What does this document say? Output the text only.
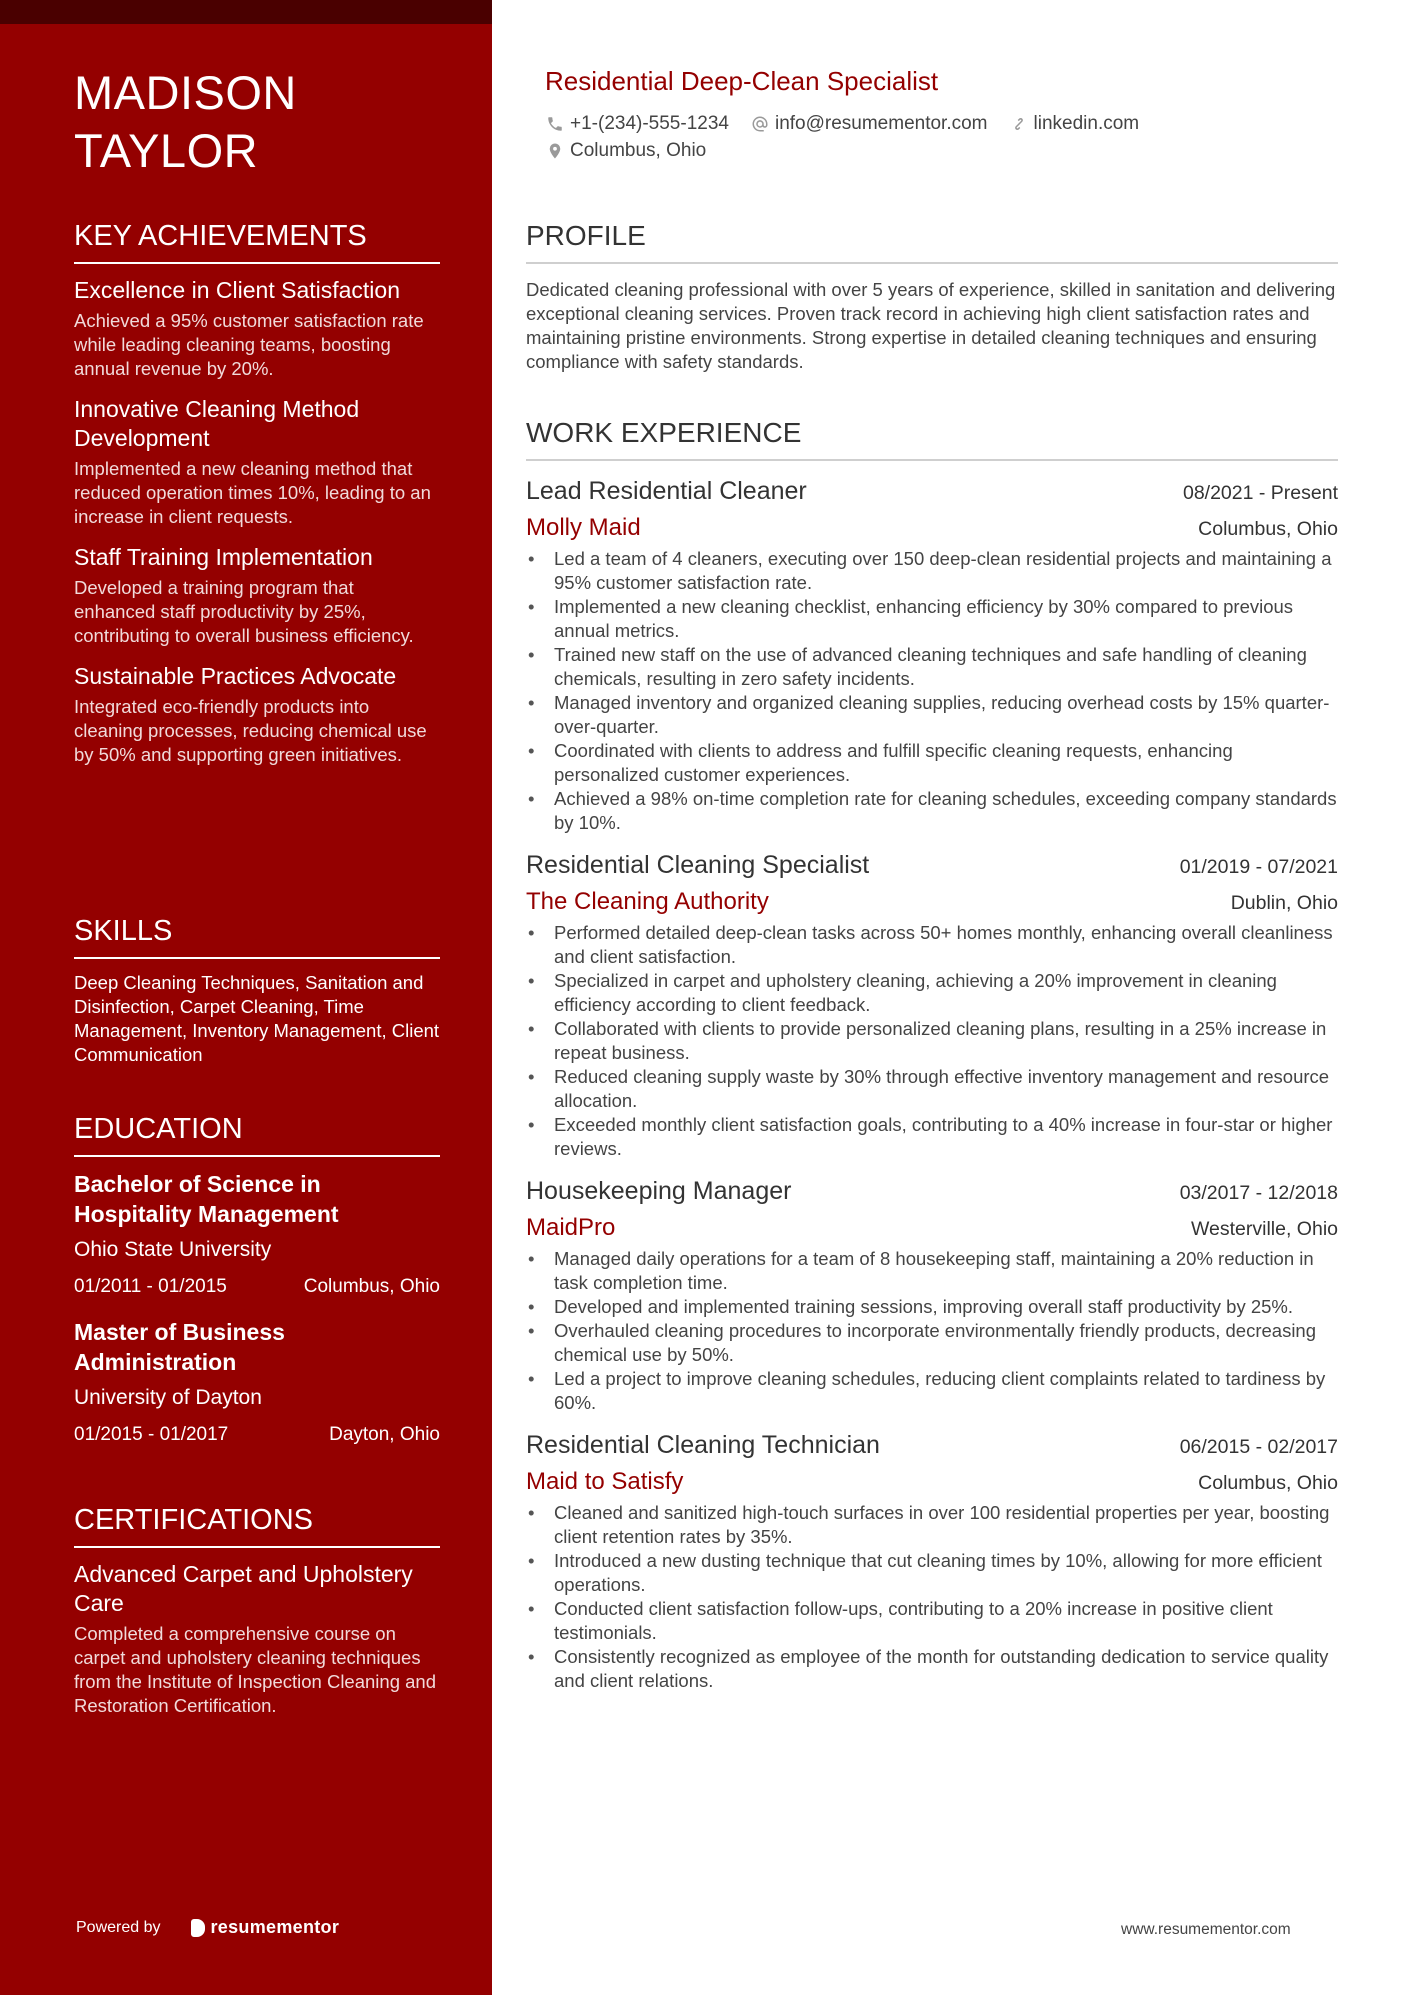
MADISON TAYLOR
KEY ACHIEVEMENTS
Excellence in Client Satisfaction
Achieved a 95% customer satisfaction rate while leading cleaning teams, boosting annual revenue by 20%.
Innovative Cleaning Method Development
Implemented a new cleaning method that reduced operation times 10%, leading to an increase in client requests.
Staff Training Implementation
Developed a training program that enhanced staff productivity by 25%, contributing to overall business efficiency.
Sustainable Practices Advocate
Integrated eco-friendly products into cleaning processes, reducing chemical use by 50% and supporting green initiatives.
SKILLS
Deep Cleaning Techniques, Sanitation and Disinfection, Carpet Cleaning, Time Management, Inventory Management, Client Communication
EDUCATION
Bachelor of Science in Hospitality Management
Ohio State University
01/2011 - 01/2015	Columbus, Ohio
Master of Business Administration
University of Dayton
01/2015 - 01/2017	Dayton, Ohio
CERTIFICATIONS
Advanced Carpet and Upholstery Care
Completed a comprehensive course on carpet and upholstery cleaning techniques from the Institute of Inspection Cleaning and Restoration Certification.
Powered by	resumementor
Residential Deep-Clean Specialist
+1-(234)-555-1234 info@resumementor.com linkedin.com
Columbus, Ohio
PROFILE
Dedicated cleaning professional with over 5 years of experience, skilled in sanitation and delivering exceptional cleaning services. Proven track record in achieving high client satisfaction rates and maintaining pristine environments. Strong expertise in detailed cleaning techniques and ensuring compliance with safety standards.
WORK EXPERIENCE
Lead Residential Cleaner	08/2021 - Present
Molly Maid	Columbus, Ohio
• Led a team of 4 cleaners, executing over 150 deep-clean residential projects and maintaining a 95% customer satisfaction rate.
• Implemented a new cleaning checklist, enhancing efficiency by 30% compared to previous annual metrics.
• Trained new staff on the use of advanced cleaning techniques and safe handling of cleaning chemicals, resulting in zero safety incidents.
• Managed inventory and organized cleaning supplies, reducing overhead costs by 15% quarter-over-quarter.
• Coordinated with clients to address and fulfill specific cleaning requests, enhancing personalized customer experiences.
• Achieved a 98% on-time completion rate for cleaning schedules, exceeding company standards by 10%.
Residential Cleaning Specialist	01/2019 - 07/2021
The Cleaning Authority	Dublin, Ohio
• Performed detailed deep-clean tasks across 50+ homes monthly, enhancing overall cleanliness and client satisfaction.
• Specialized in carpet and upholstery cleaning, achieving a 20% improvement in cleaning efficiency according to client feedback.
• Collaborated with clients to provide personalized cleaning plans, resulting in a 25% increase in repeat business.
• Reduced cleaning supply waste by 30% through effective inventory management and resource allocation.
• Exceeded monthly client satisfaction goals, contributing to a 40% increase in four-star or higher reviews.
Housekeeping Manager	03/2017 - 12/2018
MaidPro	Westerville, Ohio
• Managed daily operations for a team of 8 housekeeping staff, maintaining a 20% reduction in task completion time.
• Developed and implemented training sessions, improving overall staff productivity by 25%.
• Overhauled cleaning procedures to incorporate environmentally friendly products, decreasing chemical use by 50%.
• Led a project to improve cleaning schedules, reducing client complaints related to tardiness by 60%.
Residential Cleaning Technician	06/2015 - 02/2017
Maid to Satisfy	Columbus, Ohio
• Cleaned and sanitized high-touch surfaces in over 100 residential properties per year, boosting client retention rates by 35%.
• Introduced a new dusting technique that cut cleaning times by 10%, allowing for more efficient operations.
• Conducted client satisfaction follow-ups, contributing to a 20% increase in positive client testimonials.
• Consistently recognized as employee of the month for outstanding dedication to service quality and client relations.
www.resumementor.com
